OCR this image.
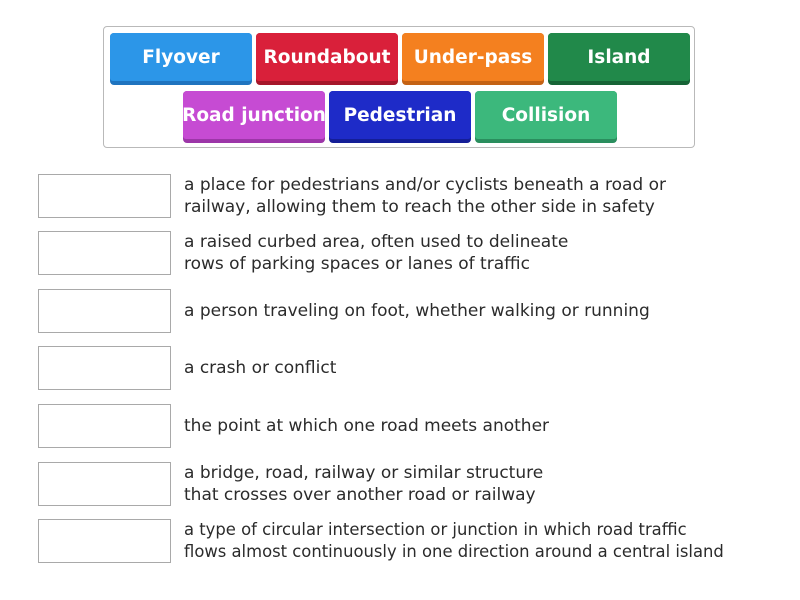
Flyover Roundabout Under-pass	Island
Road junction Pedestrian Collision
a place for pedestrians and/or cyclists beneath a road or
railway, allowing them to reach the other side in safety
a raised curbed area, often used to delineate
rows of parking spaces or lanes of traffic
a person traveling on foot, whether walking or running
a crash or conflict
the point at which one road meets another
a bridge, road, railway or similar structure
that crosses over another road or railway
a type of circular intersection or junction in which road traffic
flows almost continuously in one direction around a central island
